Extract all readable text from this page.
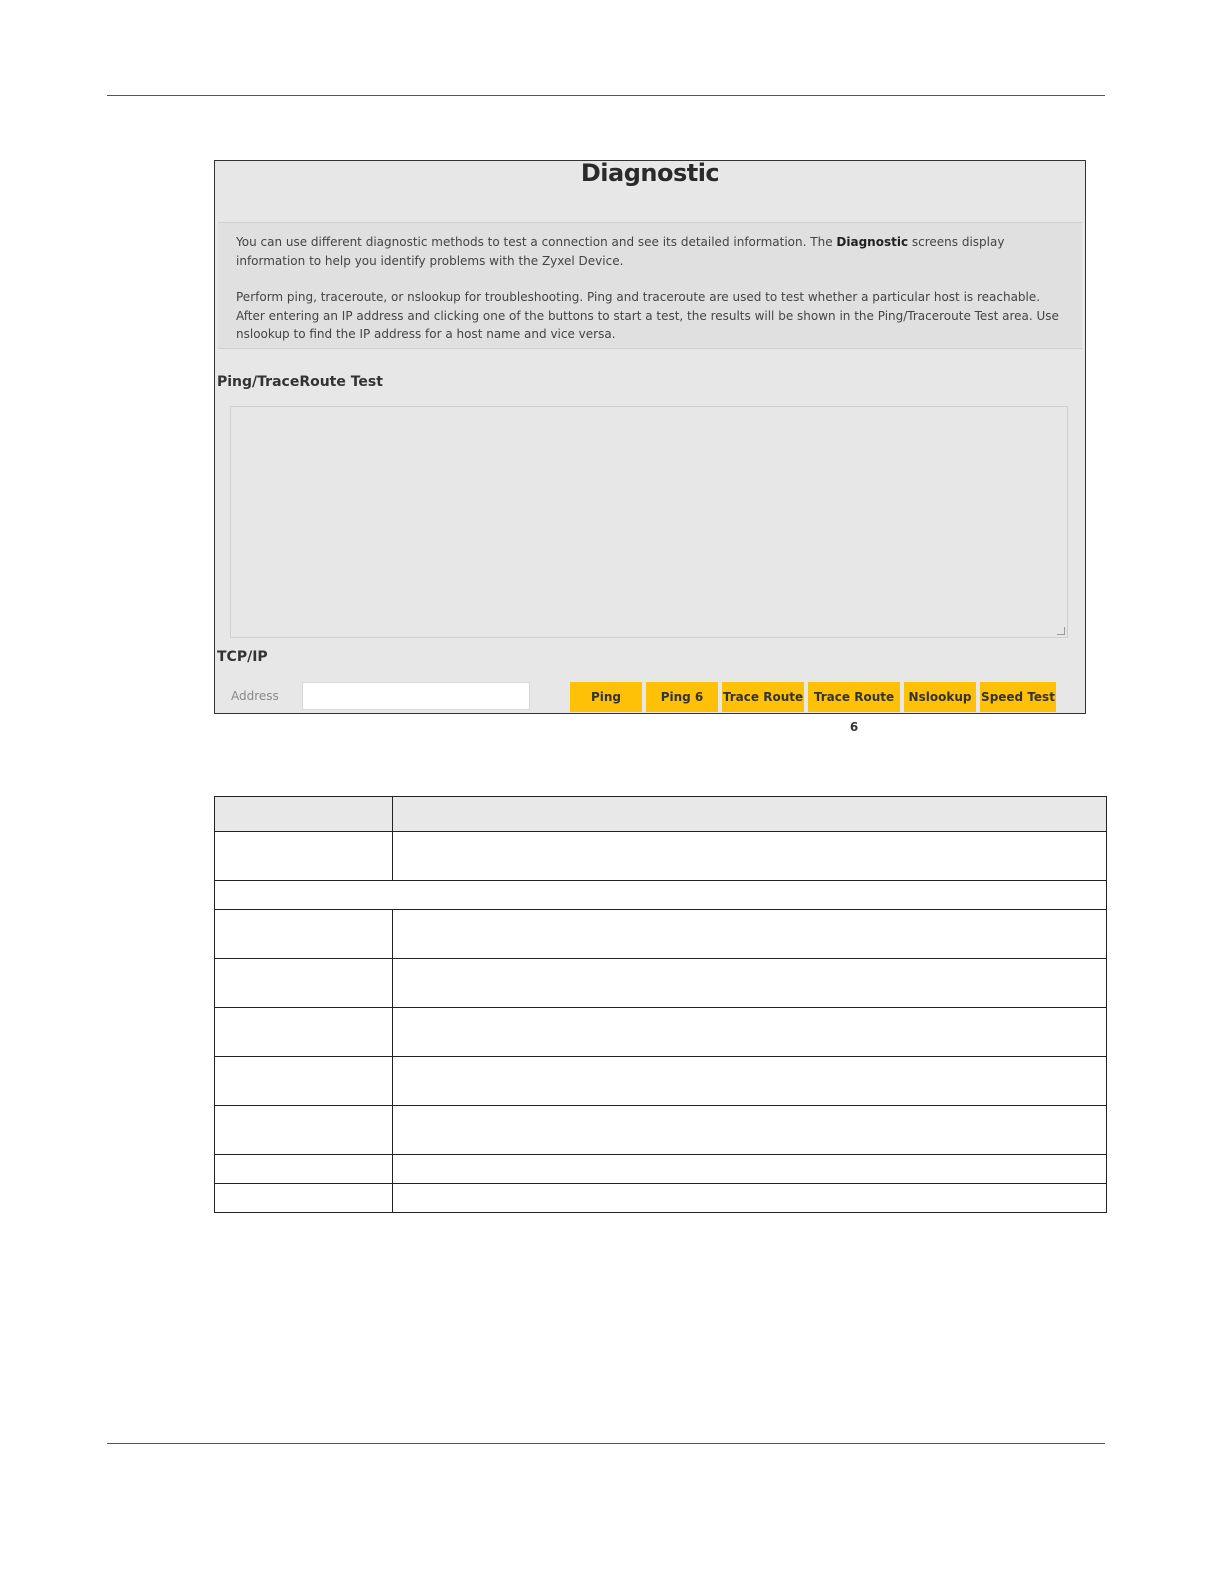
Diagnostic

You can use different diagnostic methods to test a connection and see its detailed information. The Diagnostic screens display information to help you identify problems with the Zyxel Device.

Perform ping, traceroute, or nslookup for troubleshooting. Ping and traceroute are used to test whether a particular host is reachable. After entering an IP address and clicking one of the buttons to start a test, the results will be shown in the Ping/Traceroute Test area. Use nslookup to find the IP address for a host name and vice versa.

Ping/TraceRoute Test
TCP/IP
Address	Ping	Ping 6	Trace Route Trace Route 6
Nslookup Speed Test
